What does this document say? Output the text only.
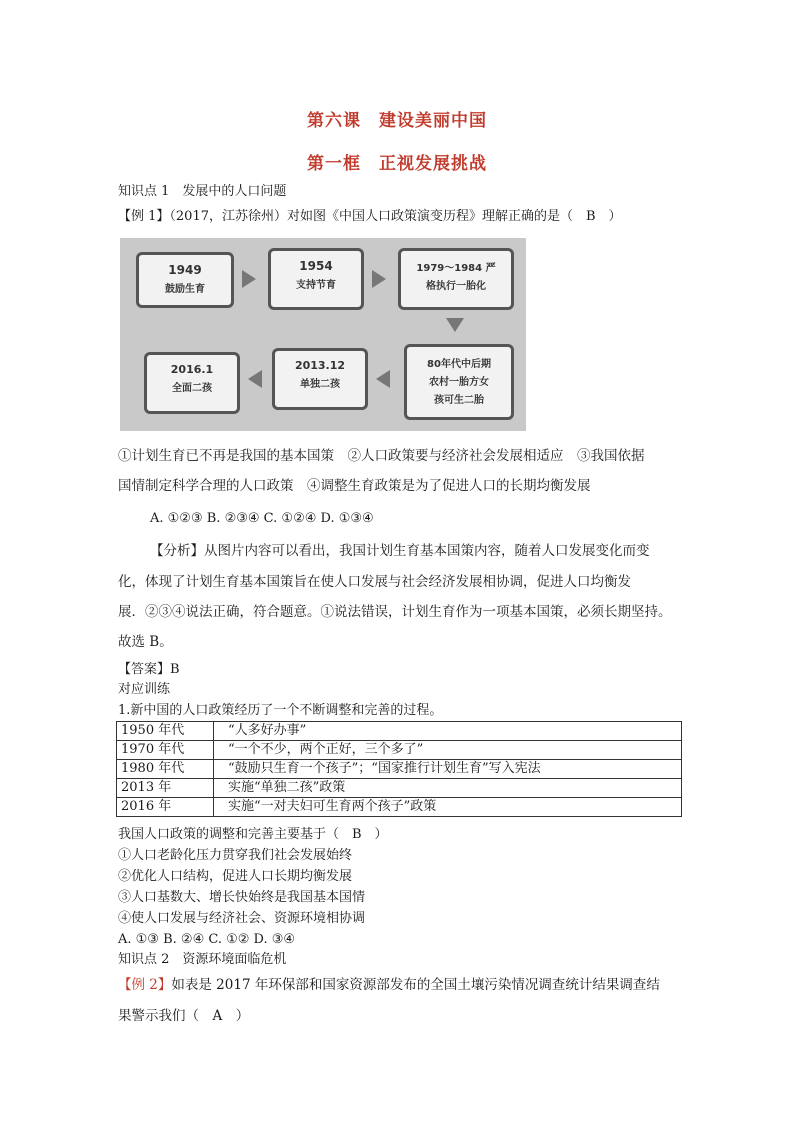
第六课 建设美丽中国
第一框 正视发展挑战
知识点 1　发展中的人口问题
【例 1】（2017，江苏徐州）对如图《中国人口政策演变历程》理解正确的是（　B　）
1949
鼓励生育
1954
支持节育
1979～1984 严
格执行一胎化
80年代中后期
农村一胎方女
孩可生二胎
2013.12
单独二孩
2016.1
全面二孩
①计划生育已不再是我国的基本国策　②人口政策要与经济社会发展相适应　③我国依据
国情制定科学合理的人口政策　④调整生育政策是为了促进人口的长期均衡发展
A. ①②③ B. ②③④ C. ①②④ D. ①③④
【分析】从图片内容可以看出，我国计划生育基本国策内容，随着人口发展变化而变
化，体现了计划生育基本国策旨在使人口发展与社会经济发展相协调，促进人口均衡发
展．②③④说法正确，符合题意。①说法错误，计划生育作为一项基本国策，必须长期坚持。
故选 B。
【答案】B
对应训练
1.新中国的人口政策经历了一个不断调整和完善的过程。
1950 年代	“人多好办事”
1970 年代	“一个不少，两个正好，三个多了”
1980 年代	“鼓励只生育一个孩子”；“国家推行计划生育”写入宪法
2013 年	实施“单独二孩”政策
2016 年	实施“一对夫妇可生育两个孩子”政策
我国人口政策的调整和完善主要基于（　B　）
①人口老龄化压力贯穿我们社会发展始终
②优化人口结构，促进人口长期均衡发展
③人口基数大、增长快始终是我国基本国情
④使人口发展与经济社会、资源环境相协调
A. ①③ B. ②④ C. ①② D. ③④
知识点 2　资源环境面临危机
【例 2】如表是 2017 年环保部和国家资源部发布的全国土壤污染情况调查统计结果调查结
果警示我们（　A　）
